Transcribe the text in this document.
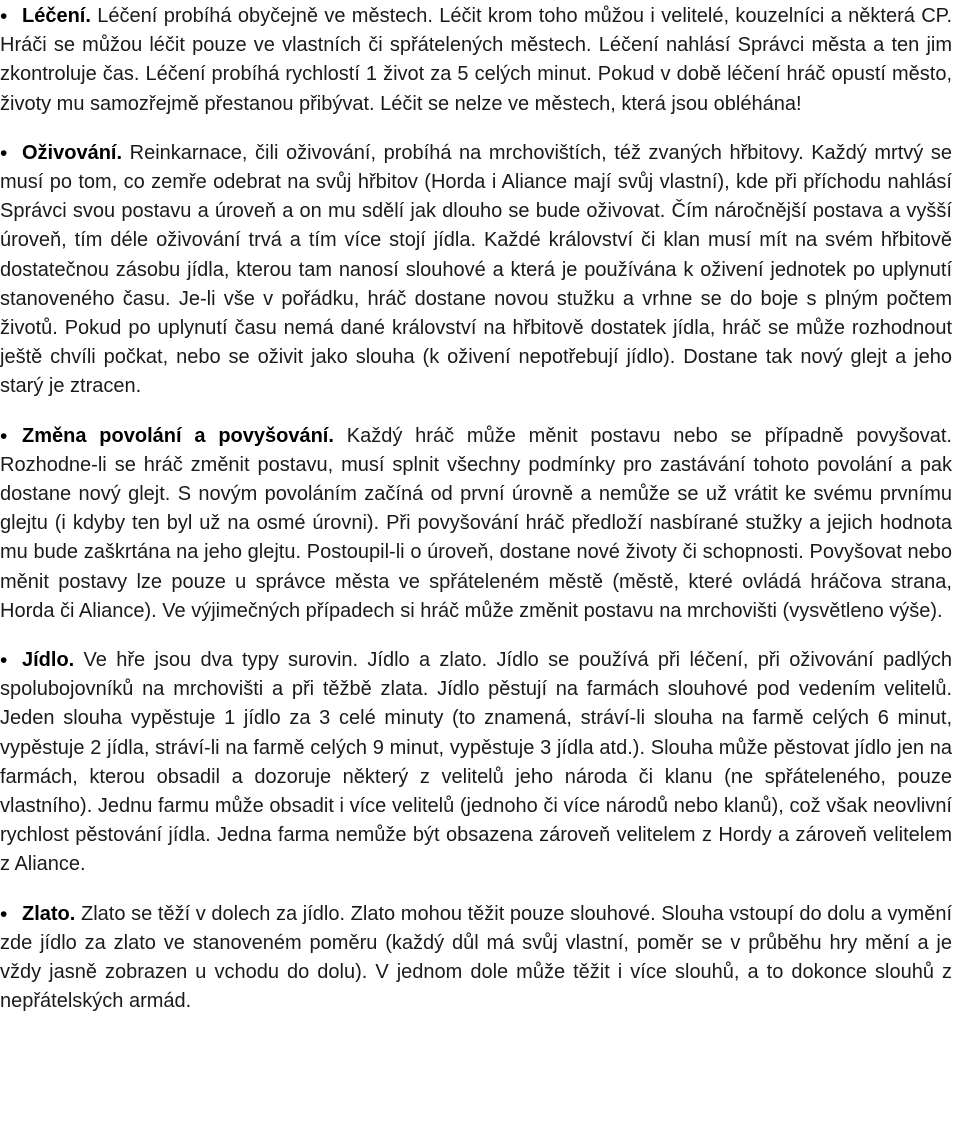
• Léčení. Léčení probíhá obyčejně ve městech. Léčit krom toho můžou i velitelé, kouzelníci a některá CP. Hráči se můžou léčit pouze ve vlastních či spřátelených městech. Léčení nahlásí Správci města a ten jim zkontroluje čas. Léčení probíhá rychlostí 1 život za 5 celých minut. Pokud v době léčení hráč opustí město, životy mu samozřejmě přestanou přibývat. Léčit se nelze ve městech, která jsou obléhána!

• Oživování. Reinkarnace, čili oživování, probíhá na mrchovištích, též zvaných hřbitovy. Každý mrtvý se musí po tom, co zemře odebrat na svůj hřbitov (Horda i Aliance mají svůj vlastní), kde při příchodu nahlásí Správci svou postavu a úroveň a on mu sdělí jak dlouho se bude oživovat. Čím náročnější postava a vyšší úroveň, tím déle oživování trvá a tím více stojí jídla. Každé království či klan musí mít na svém hřbitově dostatečnou zásobu jídla, kterou tam nanosí slouhové a která je používána k oživení jednotek po uplynutí stanoveného času. Je-li vše v pořádku, hráč dostane novou stužku a vrhne se do boje s plným počtem životů. Pokud po uplynutí času nemá dané království na hřbitově dostatek jídla, hráč se může rozhodnout ještě chvíli počkat, nebo se oživit jako slouha (k oživení nepotřebují jídlo). Dostane tak nový glejt a jeho starý je ztracen.

• Změna povolání a povyšování. Každý hráč může měnit postavu nebo se případně povyšovat. Rozhodne-li se hráč změnit postavu, musí splnit všechny podmínky pro zastávání tohoto povolání a pak dostane nový glejt. S novým povoláním začíná od první úrovně a nemůže se už vrátit ke svému prvnímu glejtu (i kdyby ten byl už na osmé úrovni). Při povyšování hráč předloží nasbírané stužky a jejich hodnota mu bude zaškrtána na jeho glejtu. Postoupil-li o úroveň, dostane nové životy či schopnosti. Povyšovat nebo měnit postavy lze pouze u správce města ve spřáteleném městě (městě, které ovládá hráčova strana, Horda či Aliance). Ve výjimečných případech si hráč může změnit postavu na mrchovišti (vysvětleno výše).

• Jídlo. Ve hře jsou dva typy surovin. Jídlo a zlato. Jídlo se používá při léčení, při oživování padlých spolubojovníků na mrchovišti a při těžbě zlata. Jídlo pěstují na farmách slouhové pod vedením velitelů. Jeden slouha vypěstuje 1 jídlo za 3 celé minuty (to znamená, stráví-li slouha na farmě celých 6 minut, vypěstuje 2 jídla, stráví-li na farmě celých 9 minut, vypěstuje 3 jídla atd.). Slouha může pěstovat jídlo jen na farmách, kterou obsadil a dozoruje některý z velitelů jeho národa či klanu (ne spřáteleného, pouze vlastního). Jednu farmu může obsadit i více velitelů (jednoho či více národů nebo klanů), což však neovlivní rychlost pěstování jídla. Jedna farma nemůže být obsazena zároveň velitelem z Hordy a zároveň velitelem z Aliance.

• Zlato. Zlato se těží v dolech za jídlo. Zlato mohou těžit pouze slouhové. Slouha vstoupí do dolu a vymění zde jídlo za zlato ve stanoveném poměru (každý důl má svůj vlastní, poměr se v průběhu hry mění a je vždy jasně zobrazen u vchodu do dolu). V jednom dole může těžit i více slouhů, a to dokonce slouhů z nepřátelských armád.
